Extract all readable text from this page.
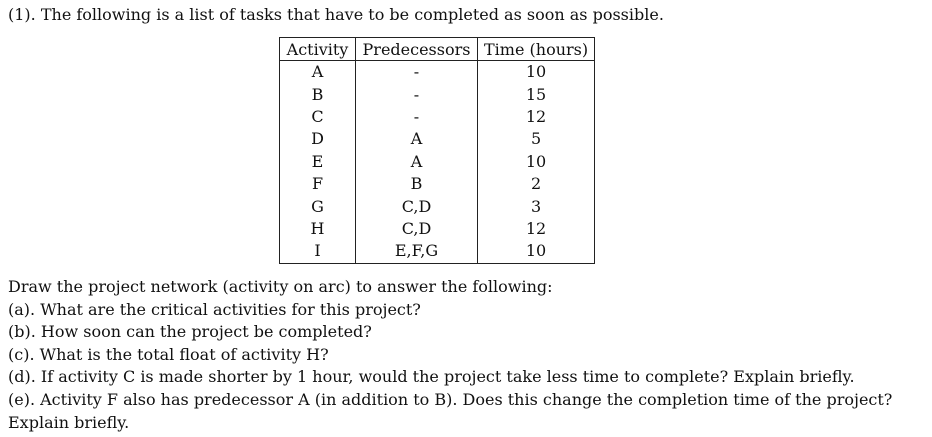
(1). The following is a list of tasks that have to be completed as soon as possible.
Activity	Predecessors	Time (hours)
A	-	10
B	-	15
C	-	12
D	A	5
E	A	10
F	B	2
G	C,D	3
H	C,D	12
I	E,F,G	10
Draw the project network (activity on arc) to answer the following:
(a). What are the critical activities for this project?
(b). How soon can the project be completed?
(c). What is the total float of activity H?
(d). If activity C is made shorter by 1 hour, would the project take less time to complete? Explain briefly.
(e). Activity F also has predecessor A (in addition to B). Does this change the completion time of the project?
Explain briefly.
